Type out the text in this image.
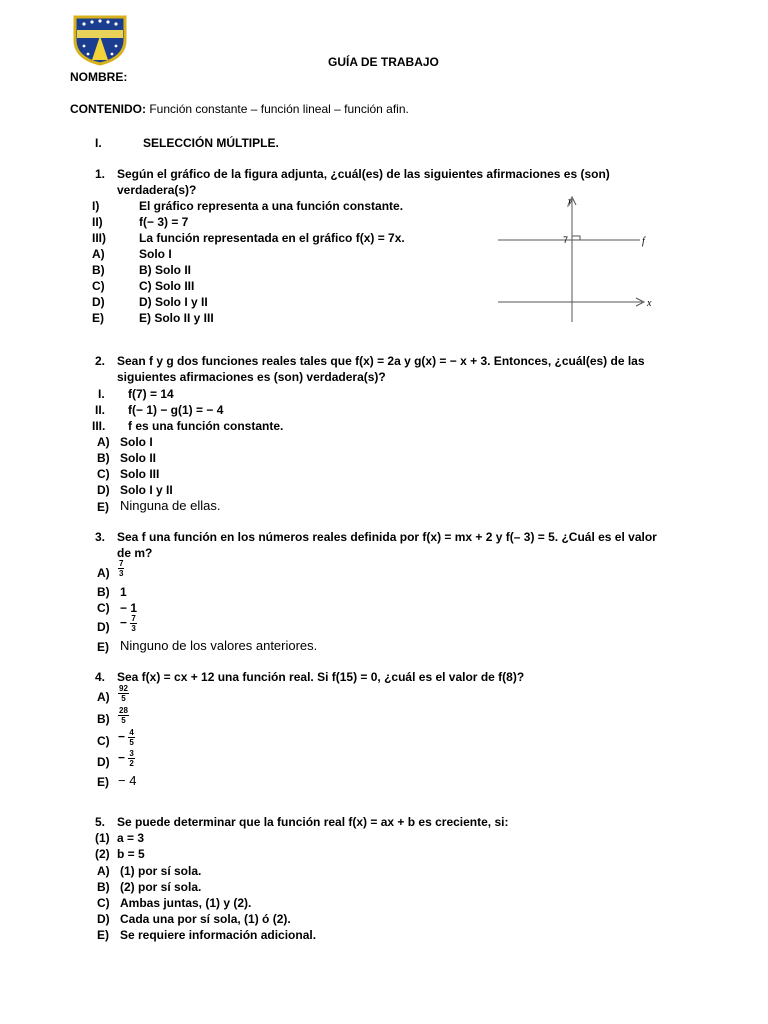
GUÍA DE TRABAJO
NOMBRE:
CONTENIDO: Función constante – función lineal – función afin.
I.	SELECCIÓN MÚLTIPLE.
1. Según el gráfico de la figura adjunta, ¿cuál(es) de las siguientes afirmaciones es (son)
verdadera(s)?
I)	El gráfico representa a una función constante.
II)	f(− 3) = 7
III)	La función representada en el gráfico f(x) = 7x.
A)	Solo I
B)	B) Solo II
C)	C) Solo III
D)	D) Solo I y II
E)	E) Solo II y III
y
x
f
7
2. Sean f y g dos funciones reales tales que f(x) = 2a y g(x) = − x + 3. Entonces, ¿cuál(es) de las
siguientes afirmaciones es (son) verdadera(s)?
I. f(7) = 14
II. f(− 1) − g(1) = − 4
III. f es una función constante.
A) Solo I
B) Solo II
C) Solo III
D) Solo I y II
E) Ninguna de ellas.
3. Sea f una función en los números reales definida por f(x) = mx + 2 y f(– 3) = 5. ¿Cuál es el valor
de m?
$A) \frac{7}{3}$
B) 1
C) − 1
$D) - \frac{7}{3}$
E) Ninguno de los valores anteriores.
4. Sea f(x) = cx + 12 una función real. Si f(15) = 0, ¿cuál es el valor de f(8)?
$A) \frac{92}{5}$
$B) \frac{28}{5}$
$C) - \frac{4}{5}$
$D) - \frac{3}{2}$
E) − 4
5. Se puede determinar que la función real f(x) = ax + b es creciente, si:
(1) a = 3
(2) b = 5
A) (1) por sí sola.
B) (2) por sí sola.
C) Ambas juntas, (1) y (2).
D) Cada una por sí sola, (1) ó (2).
E) Se requiere información adicional.
